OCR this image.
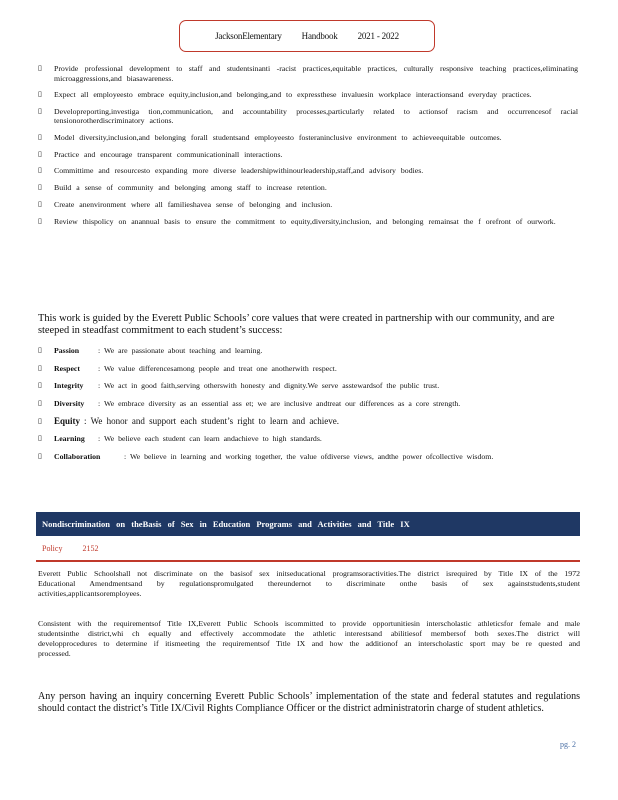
JacksonElementary Handbook 2021 - 2022
▯	Provide professional development to staff and studentsinanti -racist practices,equitable practices, culturally responsive teaching practices,eliminating microaggressions,and biasawareness.
▯	Expect all employeesto embrace equity,inclusion,and belonging,and to expressthese invaluesin workplace interactionsand everyday practices.
▯	Developreporting,investiga tion,communication, and accountability processes,particularly related to actionsof racism and occurrencesof racial tensionorotherdiscriminatory actions.
▯	Model diversity,inclusion,and belonging forall studentsand employeesto fosteraninclusive environment to achieveequitable outcomes.
▯	Practice and encourage transparent communicationinall interactions.
▯	Committime and resourcesto expanding more diverse leadershipwithinourleadership,staff,and advisory bodies.
▯	Build a sense of community and belonging among staff to increase retention.
▯	Create anenvironment where all familieshavea sense of belonging and inclusion.
▯	Review thispolicy on anannual basis to ensure the commitment to equity,diversity,inclusion, and belonging remainsat the f orefront of ourwork.
This work is guided by the Everett Public Schools’ core values that were created in partnership with our community, and are steeped in steadfast commitment to each student’s success:
▯	Passion	: We are passionate about teaching and learning.
▯	Respect	: We value differencesamong people and treat one anotherwith respect.
▯	Integrity	: We act in good faith,serving otherswith honesty and dignity.We serve asstewardsof the public trust.
▯	Diversity	: We embrace diversity as an essential ass et; we are inclusive andtreat our differences as a core strength.
▯	Equity : We honor and support each student’s right to learn and achieve.
▯	Learning	: We believe each student can learn andachieve to high standards.
▯	Collaboration	: We believe in learning and working together, the value ofdiverse views, andthe power ofcollective wisdom.
Nondiscrimination on theBasis of Sex in Education Programs and Activities and Title IX
Policy	2152
Everett Public Schoolshall not discriminate on the basisof sex initseducational programsoractivities.The district isrequired by Title IX of the 1972 Educational Amendmentsand by regulationspromulgated thereundernot to discriminate onthe basis of sex againststudents,student activities,applicantsoremployees.
Consistent with the requirementsof Title IX,Everett Public Schools iscommitted to provide opportunitiesin interscholastic athleticsfor female and male studentsinthe district,whi ch equally and effectively accommodate the athletic interestsand abilitiesof membersof both sexes.The district will developprocedures to determine if itismeeting the requirementsof Title IX and how the additionof an interscholastic sport may be re quested and processed.
Any person having an inquiry concerning Everett Public Schools’ implementation of the state and federal statutes and regulations should contact the district’s Title IX/Civil Rights Compliance Officer or the district administratorin charge of student athletics.
pg. 2
